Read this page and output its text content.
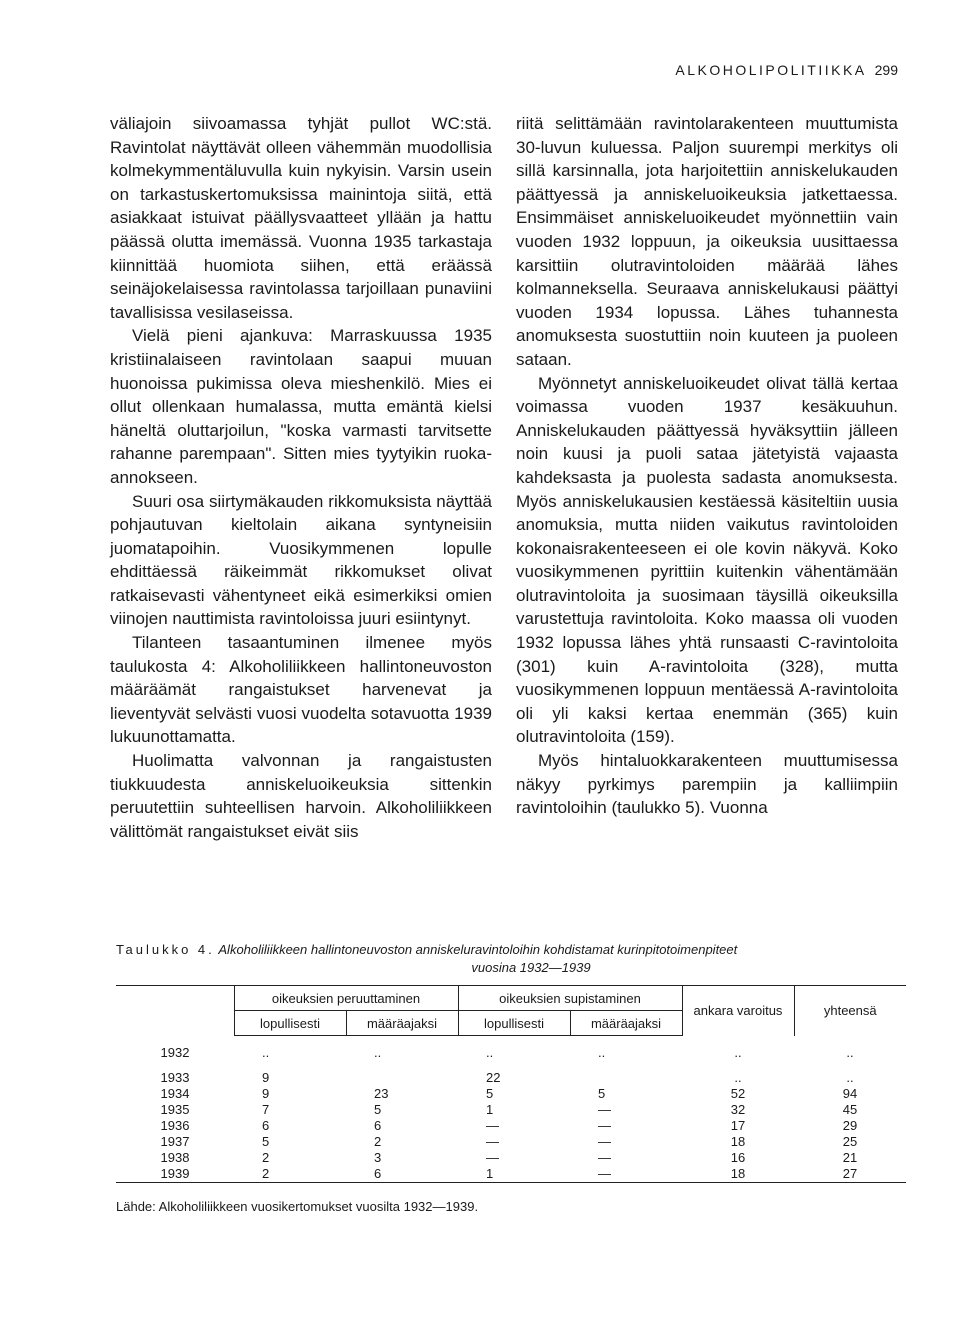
ALKOHOLIPOLITIIKKA 299

väliajoin siivoamassa tyhjät pullot WC:stä. Ravintolat näyttävät olleen vähemmän muodollisia kolmekymmentäluvulla kuin nykyisin. Varsin usein on tarkastuskertomuksissa mainintoja siitä, että asiakkaat istuivat päällysvaatteet yllään ja hattu päässä olutta imemässä. Vuonna 1935 tarkastaja kiinnittää huomiota siihen, että eräässä seinäjokelaisessa ravintolassa tarjoillaan punaviini tavallisissa vesilaseissa.

Vielä pieni ajankuva: Marraskuussa 1935 kristiinalaiseen ravintolaan saapui muuan huonoissa pukimissa oleva mieshenkilö. Mies ei ollut ollenkaan humalassa, mutta emäntä kielsi häneltä oluttarjoilun, "koska varmasti tarvitsette rahanne parempaan". Sitten mies tyytyikin ruoka-annokseen.

Suuri osa siirtymäkauden rikkomuksista näyttää pohjautuvan kieltolain aikana syntyneisiin juomatapoihin. Vuosikymmenen lopulle ehdittäessä räikeimmät rikkomukset olivat ratkaisevasti vähentyneet eikä esimerkiksi omien viinojen nauttimista ravintoloissa juuri esiintynyt.

Tilanteen tasaantuminen ilmenee myös taulukosta 4: Alkoholiliikkeen hallintoneuvoston määräämät rangaistukset harvenevat ja lieventyvät selvästi vuosi vuodelta sotavuotta 1939 lukuunottamatta.

Huolimatta valvonnan ja rangaistusten tiukkuudesta anniskeluoikeuksia sittenkin peruutettiin suhteellisen harvoin. Alkoholiliikkeen välittömät rangaistukset eivät siis

riitä selittämään ravintolarakenteen muuttumista 30-luvun kuluessa. Paljon suurempi merkitys oli sillä karsinnalla, jota harjoitettiin anniskelukauden päättyessä ja anniskeluoikeuksia jatkettaessa. Ensimmäiset anniskeluoikeudet myönnettiin vain vuoden 1932 loppuun, ja oikeuksia uusittaessa karsittiin olutravintoloiden määrää lähes kolmanneksella. Seuraava anniskelukausi päättyi vuoden 1934 lopussa. Lähes tuhannesta anomuksesta suostuttiin noin kuuteen ja puoleen sataan.

Myönnetyt anniskeluoikeudet olivat tällä kertaa voimassa vuoden 1937 kesäkuuhun. Anniskelukauden päättyessä hyväksyttiin jälleen noin kuusi ja puoli sataa jätetyistä vajaasta kahdeksasta ja puolesta sadasta anomuksesta. Myös anniskelukausien kestäessä käsiteltiin uusia anomuksia, mutta niiden vaikutus ravintoloiden kokonaisrakenteeseen ei ole kovin näkyvä. Koko vuosikymmenen pyrittiin kuitenkin vähentämään olutravintoloita ja suosimaan täysillä oikeuksilla varustettuja ravintoloita. Koko maassa oli vuoden 1932 lopussa lähes yhtä runsaasti C-ravintoloita (301) kuin A-ravintoloita (328), mutta vuosikymmenen loppuun mentäessä A-ravintoloita oli yli kaksi kertaa enemmän (365) kuin olutravintoloita (159).

Myös hintaluokkarakenteen muuttumisessa näkyy pyrkimys parempiin ja kalliimpiin ravintoloihin (taulukko 5). Vuonna

Taulukko 4. Alkoholiliikkeen hallintoneuvoston anniskeluravintoloihin kohdistamat kurinpitotoimenpiteet
vuosina 1932—1939
	oikeuksien peruuttaminen		oikeuksien supistaminen		ankara varoitus	yhteensä
	lopullisesti	määräajaksi	lopullisesti	määräajaksi		
1932	..	..	..	..	..	..
1933	9		22		..	..
1934	9	23	5	5	52	94
1935	7	5	1	—	32	45
1936	6	6	—	—	17	29
1937	5	2	—	—	18	25
1938	2	3	—	—	16	21
1939	2	6	1	—	18	27
Lähde: Alkoholiliikkeen vuosikertomukset vuosilta 1932—1939.
